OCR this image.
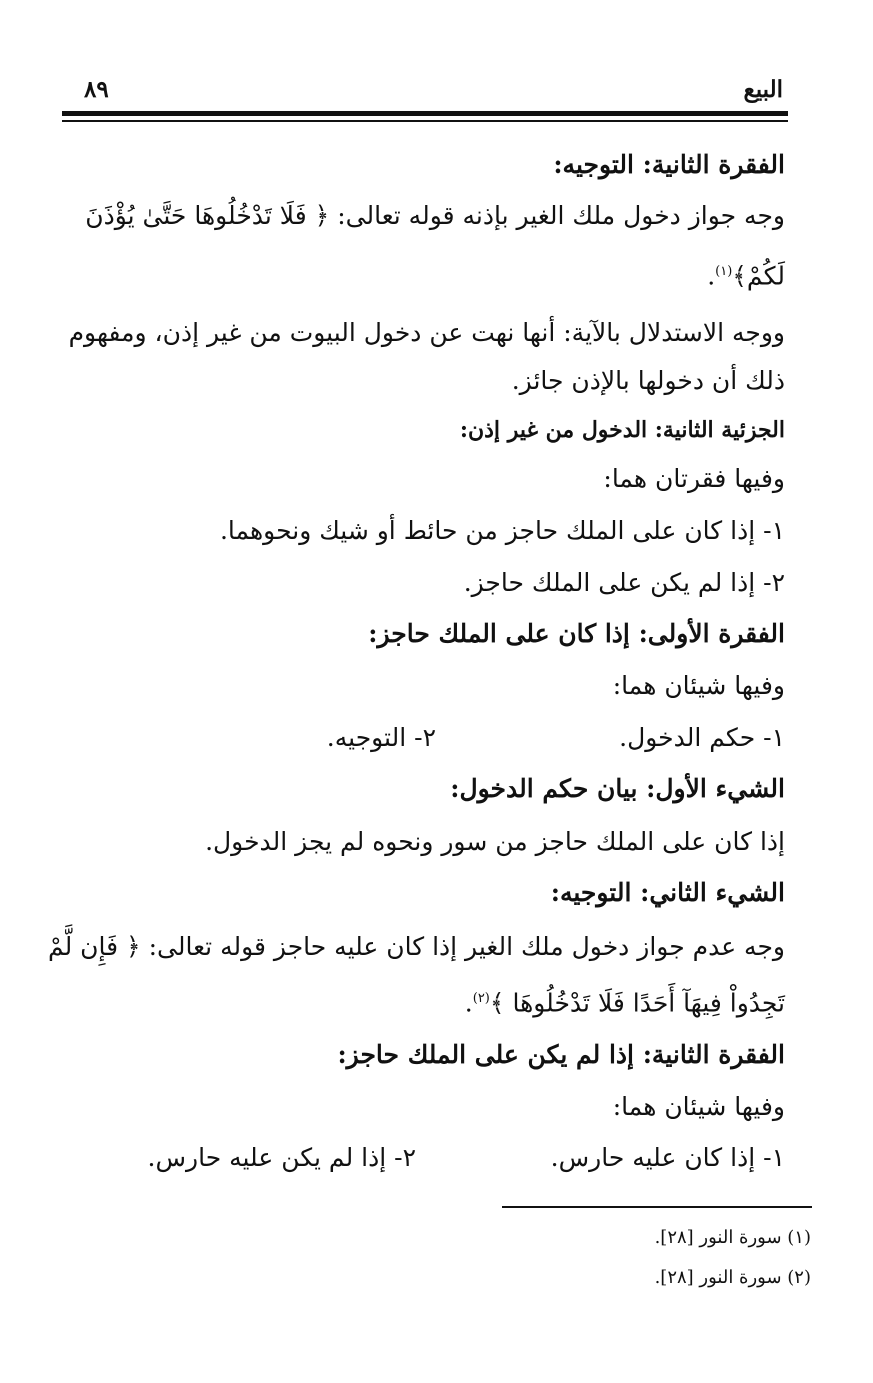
البيع
٨٩
الفقرة الثانية: التوجيه:
وجه جواز دخول ملك الغير بإذنه قوله تعالى: ﴿ فَلَا تَدْخُلُوهَا حَتَّىٰ يُؤْذَنَ
لَكُمْ﴾$^{(١)}$.
ووجه الاستدلال بالآية: أنها نهت عن دخول البيوت من غير إذن، ومفهوم
ذلك أن دخولها بالإذن جائز.
الجزئية الثانية: الدخول من غير إذن:
وفيها فقرتان هما:
١- إذا كان على الملك حاجز من حائط أو شيك ونحوهما.
٢- إذا لم يكن على الملك حاجز.
الفقرة الأولى: إذا كان على الملك حاجز:
وفيها شيئان هما:
١- حكم الدخول.
٢- التوجيه.
الشيء الأول: بيان حكم الدخول:
إذا كان على الملك حاجز من سور ونحوه لم يجز الدخول.
الشيء الثاني: التوجيه:
وجه عدم جواز دخول ملك الغير إذا كان عليه حاجز قوله تعالى: ﴿ فَإِن لَّمْ
تَجِدُواْ فِيهَآ أَحَدًا فَلَا تَدْخُلُوهَا ﴾$^{(٢)}$.
الفقرة الثانية: إذا لم يكن على الملك حاجز:
وفيها شيئان هما:
١- إذا كان عليه حارس.
٢- إذا لم يكن عليه حارس.
(١) سورة النور [٢٨].
(٢) سورة النور [٢٨].
